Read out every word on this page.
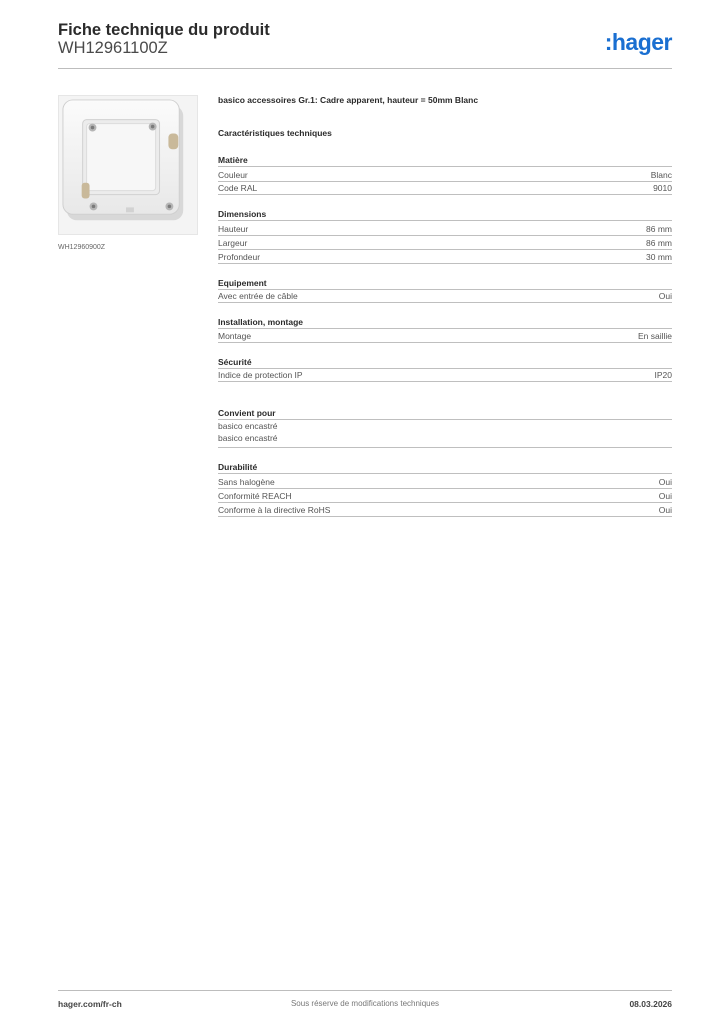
Fiche technique du produit
WH12961100Z	:hager
WH12960900Z
basico accessoires Gr.1: Cadre apparent, hauteur = 50mm Blanc
Caractéristiques techniques
Matière
Couleur	Blanc
Code RAL	9010
Dimensions
Hauteur	86 mm
Largeur	86 mm
Profondeur	30 mm
Equipement
Avec entrée de câble	Oui
Installation, montage
Montage	En saillie
Sécurité
Indice de protection IP	IP20
Convient pour
basico encastré
basico encastré
Durabilité
Sans halogène	Oui
Conformité REACH	Oui
Conforme à la directive RoHS	Oui
Sous réserve de modifications techniques
hager.com/fr-ch	08.03.2026
